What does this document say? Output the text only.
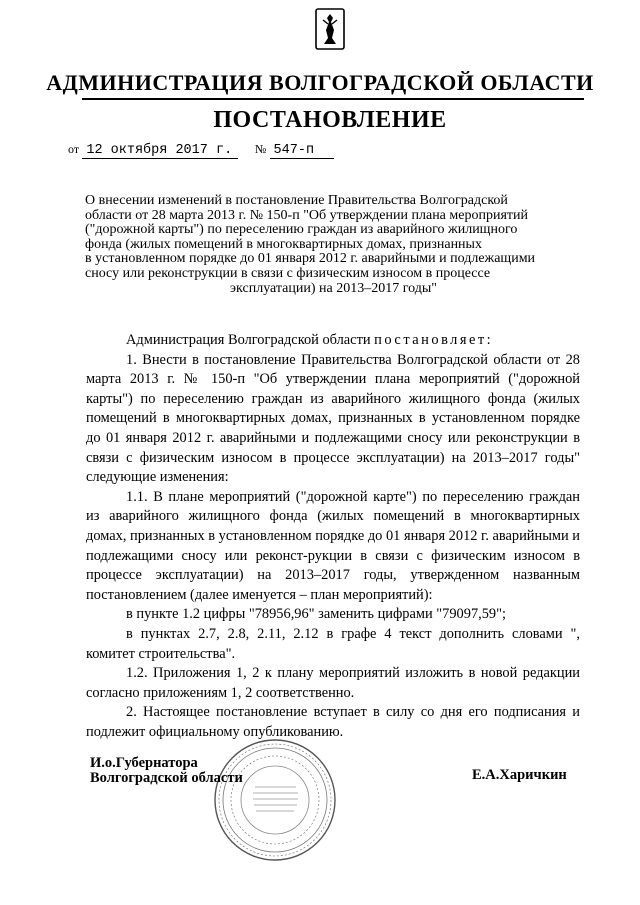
АДМИНИСТРАЦИЯ ВОЛГОГРАДСКОЙ ОБЛАСТИ
ПОСТАНОВЛЕНИЕ
от 12 октября 2017 г. № 547-п
О внесении изменений в постановление Правительства Волгоградской
области от 28 марта 2013 г. № 150-п "Об утверждении плана мероприятий
("дорожной карты") по переселению граждан из аварийного жилищного
фонда (жилых помещений в многоквартирных домах, признанных
в установленном порядке до 01 января 2012 г. аварийными и подлежащими
сносу или реконструкции в связи с физическим износом в процессе
эксплуатации) на 2013–2017 годы"

Администрация Волгоградской области постановляет:

1. Внести в постановление Правительства Волгоградской области от 28 марта 2013 г. № 150-п "Об утверждении плана мероприятий ("дорожной карты") по переселению граждан из аварийного жилищного фонда (жилых помещений в многоквартирных домах, признанных в установленном порядке до 01 января 2012 г. аварийными и подлежащими сносу или реконструкции в связи с физическим износом в процессе эксплуатации) на 2013–2017 годы" следующие изменения:

1.1. В плане мероприятий ("дорожной карте") по переселению граждан из аварийного жилищного фонда (жилых помещений в многоквартирных домах, признанных в установленном порядке до 01 января 2012 г. аварийными и подлежащими сносу или реконст-рукции в связи с физическим износом в процессе эксплуатации) на 2013–2017 годы, утвержденном названным постановлением (далее именуется – план мероприятий):

в пункте 1.2 цифры "78956,96" заменить цифрами "79097,59";

в пунктах 2.7, 2.8, 2.11, 2.12 в графе 4 текст дополнить словами ", комитет строительства".

1.2. Приложения 1, 2 к плану мероприятий изложить в новой редакции согласно приложениям 1, 2 соответственно.

2. Настоящее постановление вступает в силу со дня его подписания и подлежит официальному опубликованию.

И.о.Губернатора
Волгоградской области	Е.А.Харичкин
